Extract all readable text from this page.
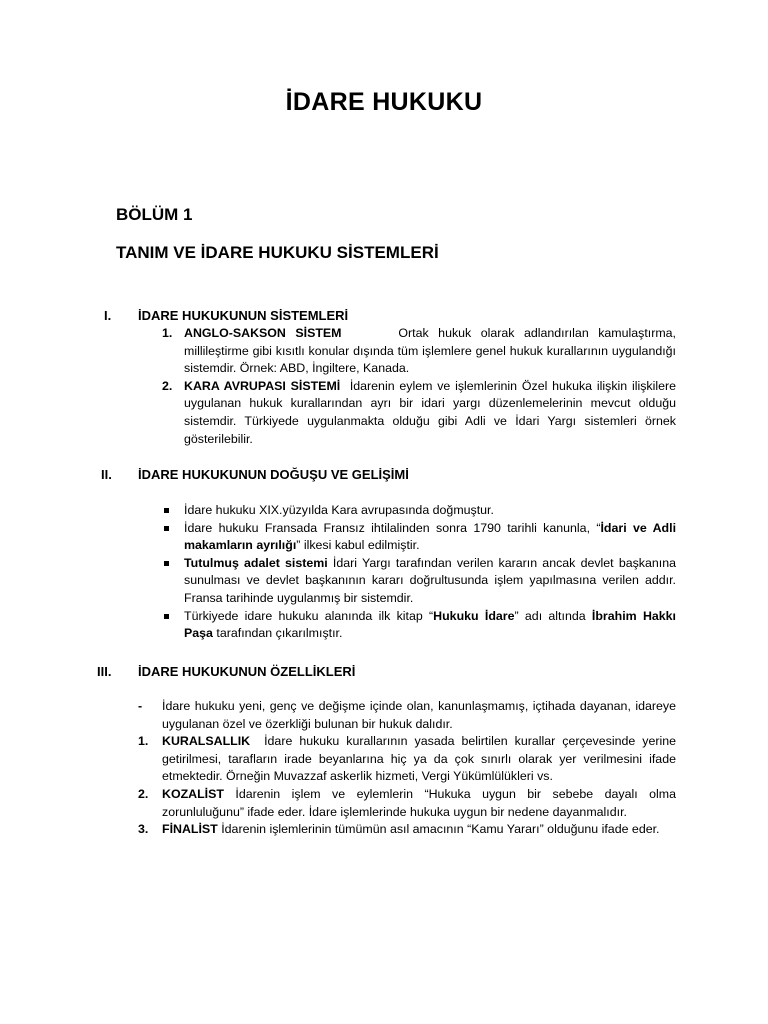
İDARE HUKUKU
BÖLÜM 1
TANIM VE İDARE HUKUKU SİSTEMLERİ
I. İDARE HUKUKUNUN SİSTEMLERİ
1. ANGLO-SAKSON SİSTEM	Ortak hukuk olarak adlandırılan kamulaştırma, millileştirme gibi kısıtlı konular dışında tüm işlemlere genel hukuk kurallarının uygulandığı sistemdir. Örnek: ABD, İngiltere, Kanada.
2. KARA AVRUPASI SİSTEMİ İdarenin eylem ve işlemlerinin Özel hukuka ilişkin ilişkilere uygulanan hukuk kurallarından ayrı bir idari yargı düzenlemelerinin mevcut olduğu sistemdir. Türkiyede uygulanmakta olduğu gibi Adli ve İdari Yargı sistemleri örnek gösterilebilir.
II. İDARE HUKUKUNUN DOĞUŞU VE GELİŞİMİ
İdare hukuku XIX.yüzyılda Kara avrupasında doğmuştur.
İdare hukuku Fransada Fransız ihtilalinden sonra 1790 tarihli kanunla, “İdari ve Adli makamların ayrılığı” ilkesi kabul edilmiştir.
Tutulmuş adalet sistemi İdari Yargı tarafından verilen kararın ancak devlet başkanına sunulması ve devlet başkanının kararı doğrultusunda işlem yapılmasına verilen addır. Fransa tarihinde uygulanmış bir sistemdir.
Türkiyede idare hukuku alanında ilk kitap “Hukuku İdare” adı altında İbrahim Hakkı Paşa tarafından çıkarılmıştır.
III. İDARE HUKUKUNUN ÖZELLİKLERİ
- İdare hukuku yeni, genç ve değişme içinde olan, kanunlaşmamış, içtihada dayanan, idareye uygulanan özel ve özerkliği bulunan bir hukuk dalıdır.
1. KURALSALLIK İdare hukuku kurallarının yasada belirtilen kurallar çerçevesinde yerine getirilmesi, tarafların irade beyanlarına hiç ya da çok sınırlı olarak yer verilmesini ifade etmektedir. Örneğin Muvazzaf askerlik hizmeti, Vergi Yükümlülükleri vs.
2. KOZALİST İdarenin işlem ve eylemlerin “Hukuka uygun bir sebebe dayalı olma zorunluluğunu” ifade eder. İdare işlemlerinde hukuka uygun bir nedene dayanmalıdır.
3. FİNALİST İdarenin işlemlerinin tümümün asıl amacının “Kamu Yararı” olduğunu ifade eder.
